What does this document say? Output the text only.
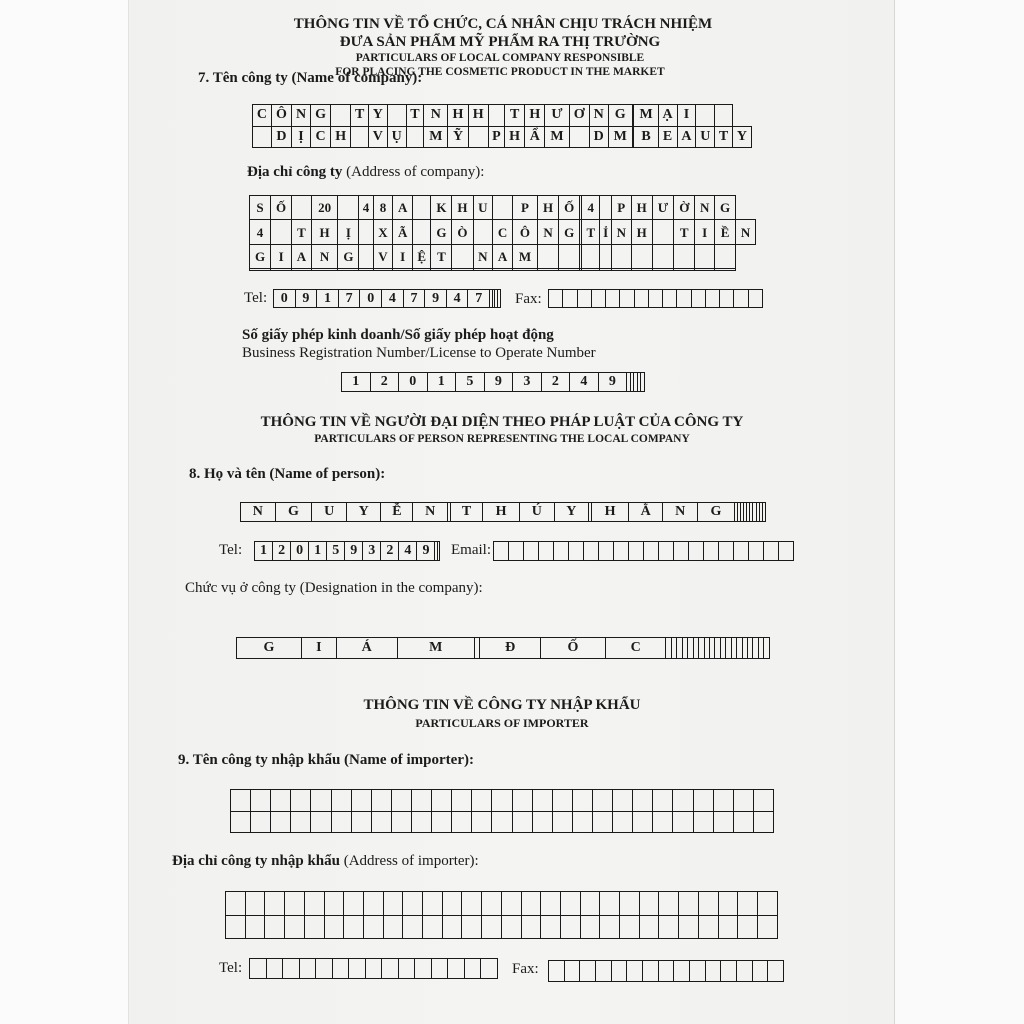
THÔNG TIN VỀ TỔ CHỨC, CÁ NHÂN CHỊU TRÁCH NHIỆM
ĐƯA SẢN PHẨM MỸ PHẨM RA THỊ TRƯỜNG
PARTICULARS OF LOCAL COMPANY RESPONSIBLE
FOR PLACING THE COSMETIC PRODUCT IN THE MARKET
7. Tên công ty (Name of company):
C	Ô	N	G		T	Y		T	N	H	H		T	H	Ư	Ơ	N	G		M	Ạ	I			
	D	Ị	C	H		V	Ụ		M	Ỹ		P	H	Ẩ	M		D	M		B	E	A	U	T	Y
Địa chỉ công ty (Address of company):
S	Ố		20		4	8	A		K	H	U		P	H	Ố		4		P	H	Ư	Ờ	N	G	
4		T	H	Ị		X	Ã		G	Ò		C	Ô	N	G		T	Ỉ	N	H		T	I	Ề	N
G	I	A	N	G		V	I	Ệ	T		N	A	M												

Tel: 0	9	1	7	0	4	7	9	4	7				Fax:

Số giấy phép kinh doanh/Số giấy phép hoạt động
Business Registration Number/License to Operate Number
1	2	0	1	5	9	3	2	4	9					
THÔNG TIN VỀ NGƯỜI ĐẠI DIỆN THEO PHÁP LUẬT CỦA CÔNG TY
PARTICULARS OF PERSON REPRESENTING THE LOCAL COMPANY
8. Họ và tên (Name of person):
N	G	U	Y	Ễ	N		T	H	Ú	Y		H	Ằ	N	G										
Tel: 1	2	0	1	5	9	3	2	4	9		Email:

Chức vụ ở công ty (Designation in the company):
G	I	Á	M		Đ	Ố	C																			
THÔNG TIN VỀ CÔNG TY NHẬP KHẨU
PARTICULARS OF IMPORTER
9. Tên công ty nhập khẩu (Name of importer):

Địa chỉ công ty nhập khẩu (Address of importer):

Tel:
															Fax:
